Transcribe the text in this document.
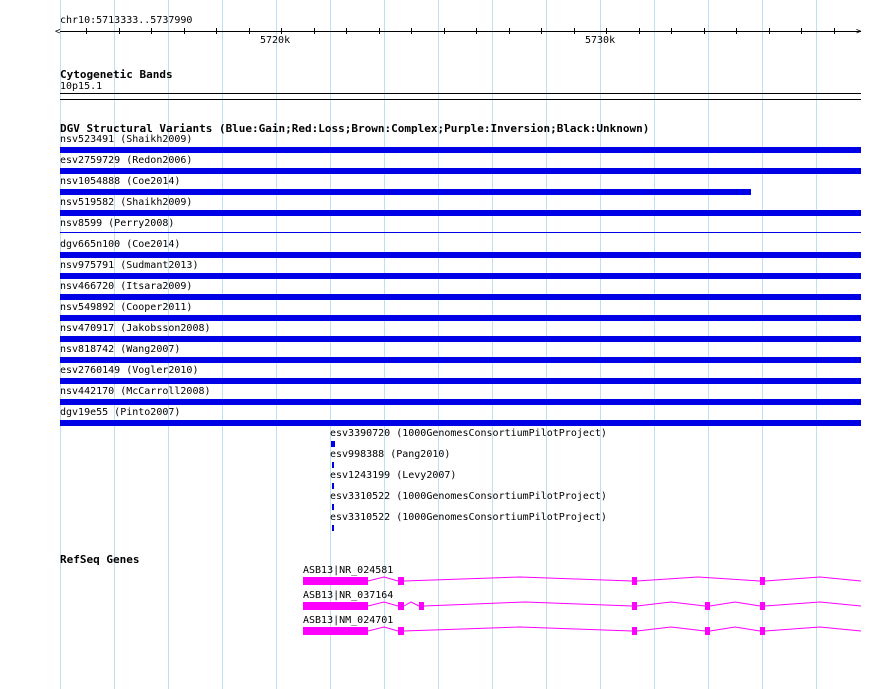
chr10:5713333..5737990
<	>
5720k	5730k
Cytogenetic Bands
10p15.1
DGV Structural Variants (Blue:Gain;Red:Loss;Brown:Complex;Purple:Inversion;Black:Unknown)
nsv523491 (Shaikh2009)
esv2759729 (Redon2006)
nsv1054888 (Coe2014)
nsv519582 (Shaikh2009)
nsv8599 (Perry2008)
dgv665n100 (Coe2014)
nsv975791 (Sudmant2013)
nsv466720 (Itsara2009)
nsv549892 (Cooper2011)
nsv470917 (Jakobsson2008)
nsv818742 (Wang2007)
esv2760149 (Vogler2010)
nsv442170 (McCarroll2008)
dgv19e55 (Pinto2007)
esv3390720 (1000GenomesConsortiumPilotProject)
esv998388 (Pang2010)
esv1243199 (Levy2007)
esv3310522 (1000GenomesConsortiumPilotProject)
esv3310522 (1000GenomesConsortiumPilotProject)
RefSeq Genes
ASB13|NR_024581
ASB13|NR_037164
ASB13|NM_024701
